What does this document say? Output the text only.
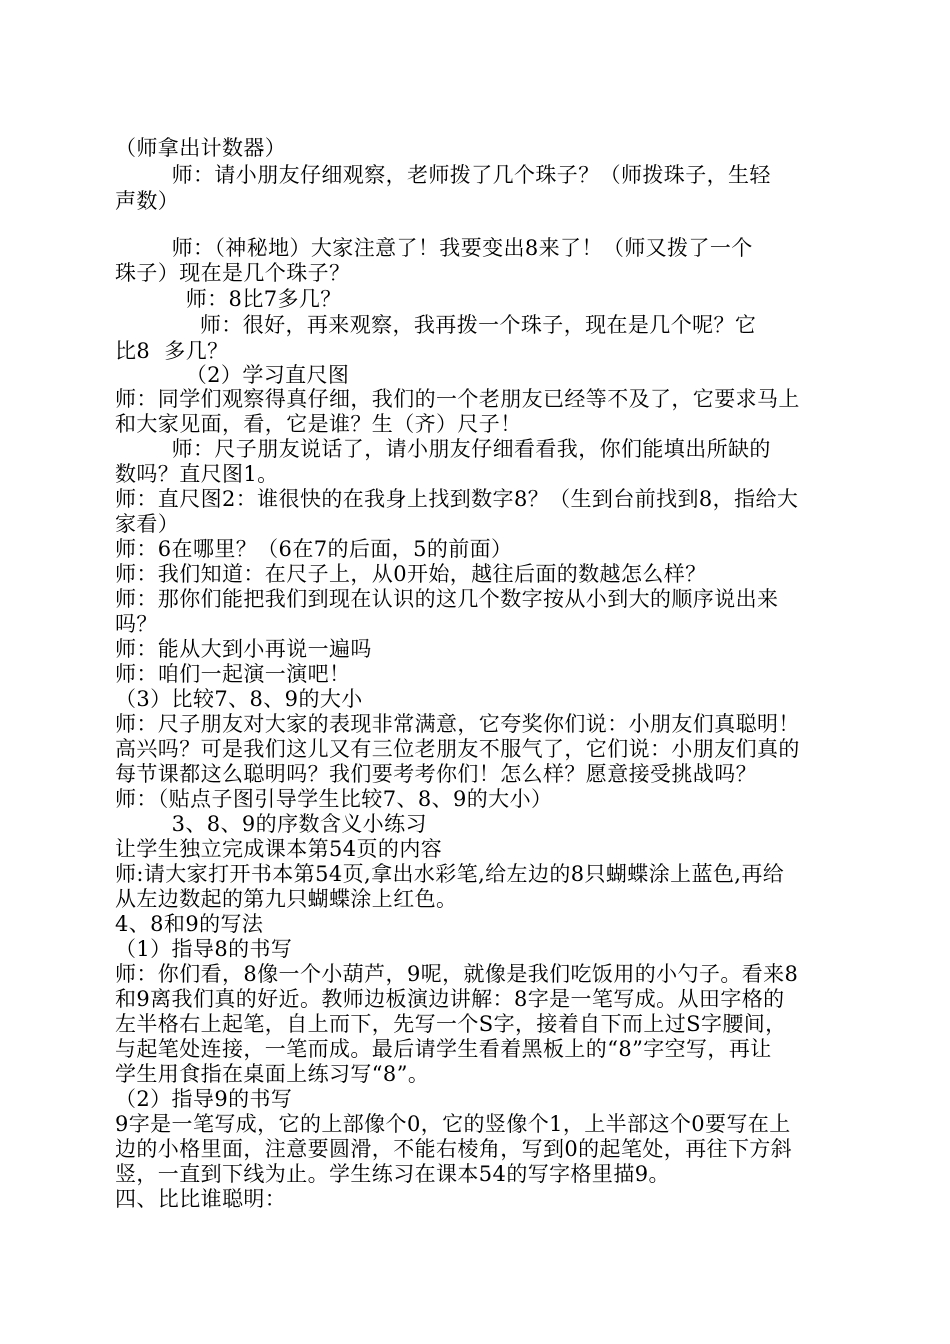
（师拿出计数器）
师：请小朋友仔细观察，老师拨了几个珠子？（师拨珠子，生轻
声数）
师：（神秘地）大家注意了！我要变出8来了！（师又拨了一个
珠子）现在是几个珠子？
师：8比7多几？
师：很好，再来观察，我再拨一个珠子，现在是几个呢？它
比8  多几？
（2）学习直尺图
师：同学们观察得真仔细，我们的一个老朋友已经等不及了，它要求马上
和大家见面，看，它是谁？生（齐）尺子！
师：尺子朋友说话了，请小朋友仔细看看我，你们能填出所缺的
数吗？直尺图1。
师：直尺图2：谁很快的在我身上找到数字8？（生到台前找到8，指给大
家看）
师：6在哪里？（6在7的后面，5的前面）
师：我们知道：在尺子上，从0开始，越往后面的数越怎么样？
师：那你们能把我们到现在认识的这几个数字按从小到大的顺序说出来
吗？
师：能从大到小再说一遍吗
师：咱们一起演一演吧！
（3）比较7、8、9的大小
师：尺子朋友对大家的表现非常满意，它夸奖你们说：小朋友们真聪明！
高兴吗？可是我们这儿又有三位老朋友不服气了，它们说：小朋友们真的
每节课都这么聪明吗？我们要考考你们！怎么样？愿意接受挑战吗？
师：（贴点子图引导学生比较7、8、9的大小）
3、8、9的序数含义小练习
让学生独立完成课本第54页的内容
师:请大家打开书本第54页,拿出水彩笔,给左边的8只蝴蝶涂上蓝色,再给
从左边数起的第九只蝴蝶涂上红色。
4、8和9的写法
（1）指导8的书写
师：你们看，8像一个小葫芦，9呢，就像是我们吃饭用的小勺子。看来8
和9离我们真的好近。教师边板演边讲解：8字是一笔写成。从田字格的
左半格右上起笔，自上而下，先写一个S字，接着自下而上过S字腰间，
与起笔处连接，一笔而成。最后请学生看着黑板上的“8”字空写，再让
学生用食指在桌面上练习写“8”。
（2）指导9的书写
9字是一笔写成，它的上部像个0，它的竖像个1，上半部这个0要写在上
边的小格里面，注意要圆滑，不能右棱角，写到0的起笔处，再往下方斜
竖，一直到下线为止。学生练习在课本54的写字格里描9。
四、比比谁聪明：
